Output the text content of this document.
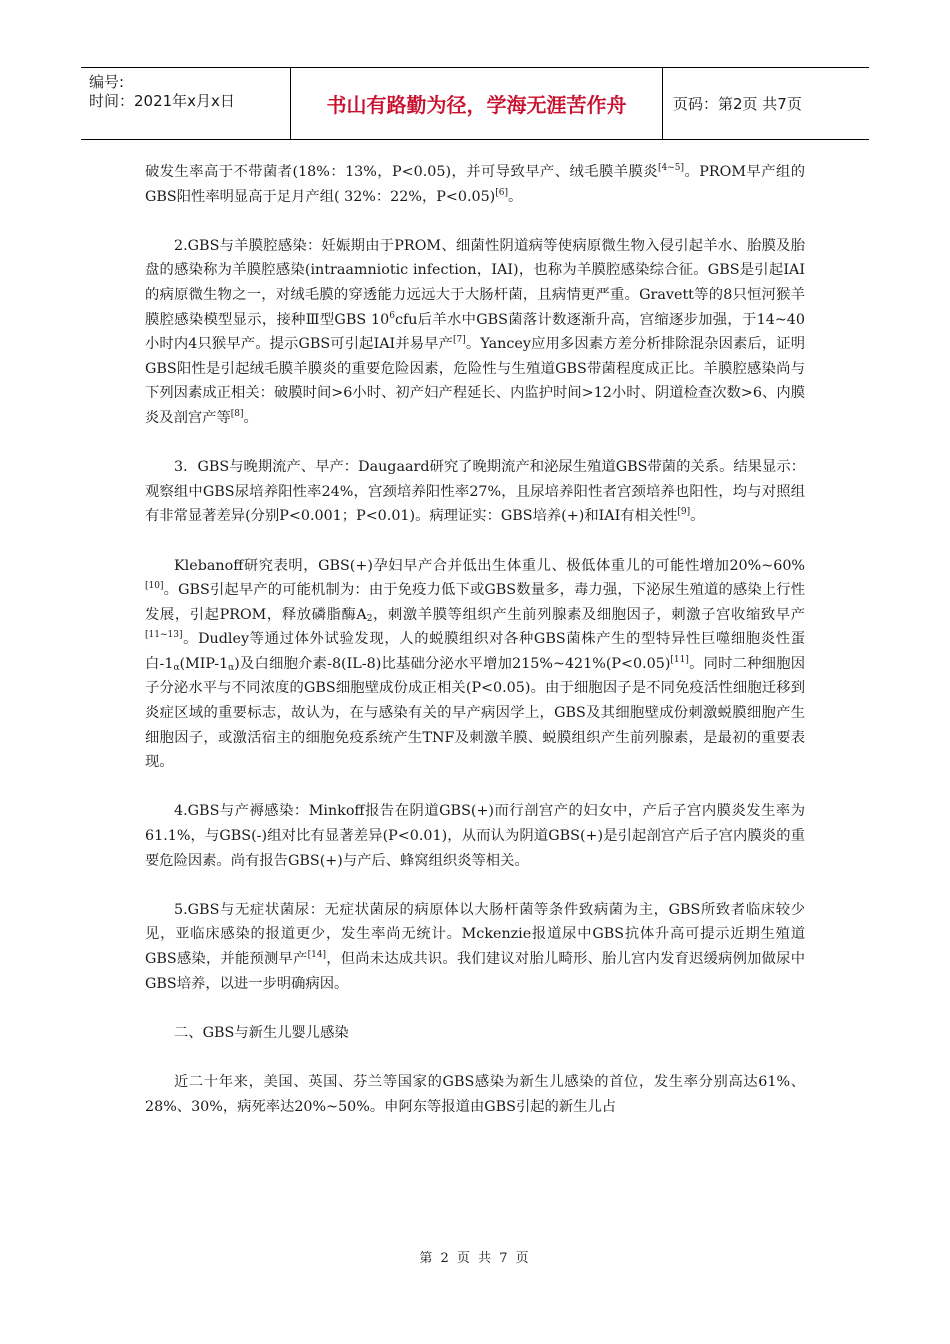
编号:
时间：2021年x月x日	书山有路勤为径，学海无涯苦作舟	页码：第2页 共7页

破发生率高于不带菌者(18%：13%，P<0.05)，并可导致早产、绒毛膜羊膜炎[4~5]。PROM早产组的GBS阳性率明显高于足月产组( 32%：22%，P<0.05)[6]。

2.GBS与羊膜腔感染：妊娠期由于PROM、细菌性阴道病等使病原微生物入侵引起羊水、胎膜及胎盘的感染称为羊膜腔感染(intraamniotic infection，IAI)，也称为羊膜腔感染综合征。GBS是引起IAI的病原微生物之一，对绒毛膜的穿透能力远远大于大肠杆菌，且病情更严重。Gravett等的8只恒河猴羊膜腔感染模型显示，接种Ⅲ型GBS $10^6cfu$后羊水中GBS菌落计数逐渐升高，宫缩逐步加强，于14~40小时内4只猴早产。提示GBS可引起IAI并易早产[7]。Yancey应用多因素方差分析排除混杂因素后，证明GBS阳性是引起绒毛膜羊膜炎的重要危险因素，危险性与生殖道GBS带菌程度成正比。羊膜腔感染尚与下列因素成正相关：破膜时间>6小时、初产妇产程延长、内监护时间>12小时、阴道检查次数>6、内膜炎及剖宫产等[8]。

3．GBS与晚期流产、早产：Daugaard研究了晚期流产和泌尿生殖道GBS带菌的关系。结果显示：观察组中GBS尿培养阳性率24%，宫颈培养阳性率27%，且尿培养阳性者宫颈培养也阳性，均与对照组有非常显著差异(分别P<0.001；P<0.01)。病理证实：GBS培养(+)和IAI有相关性[9]。

Klebanoff研究表明，GBS(+)孕妇早产合并低出生体重儿、极低体重儿的可能性增加20%~60%[10]。GBS引起早产的可能机制为：由于免疫力低下或GBS数量多，毒力强，下泌尿生殖道的感染上行性发展，引起PROM，释放磷脂酶$A_2$，刺激羊膜等组织产生前列腺素及细胞因子，刺激子宫收缩致早产[11~13]。Dudley等通过体外试验发现，人的蜕膜组织对各种GBS菌株产生的型特异性巨噬细胞炎性蛋白$-1_\alpha(MIP-1_\alpha)$及白细胞介素-8(IL-8)比基础分泌水平增加215%~421%(P<0.05)[11]。同时二种细胞因子分泌水平与不同浓度的GBS细胞壁成份成正相关(P<0.05)。由于细胞因子是不同免疫活性细胞迁移到炎症区域的重要标志，故认为，在与感染有关的早产病因学上，GBS及其细胞壁成份刺激蜕膜细胞产生细胞因子，或激活宿主的细胞免疫系统产生TNF及刺激羊膜、蜕膜组织产生前列腺素，是最初的重要表现。

4.GBS与产褥感染：Minkoff报告在阴道GBS(+)而行剖宫产的妇女中，产后子宫内膜炎发生率为61.1%，与GBS(-)组对比有显著差异(P<0.01)，从而认为阴道GBS(+)是引起剖宫产后子宫内膜炎的重要危险因素。尚有报告GBS(+)与产后、蜂窝组织炎等相关。

5.GBS与无症状菌尿：无症状菌尿的病原体以大肠杆菌等条件致病菌为主，GBS所致者临床较少见，亚临床感染的报道更少，发生率尚无统计。Mckenzie报道尿中GBS抗体升高可提示近期生殖道GBS感染，并能预测早产[14]，但尚未达成共识。我们建议对胎儿畸形、胎儿宫内发育迟缓病例加做尿中GBS培养，以进一步明确病因。

二、GBS与新生儿婴儿感染

近二十年来，美国、英国、芬兰等国家的GBS感染为新生儿感染的首位，发生率分别高达61%、28%、30%，病死率达20%~50%。申阿东等报道由GBS引起的新生儿占

第 2 页 共 7 页
